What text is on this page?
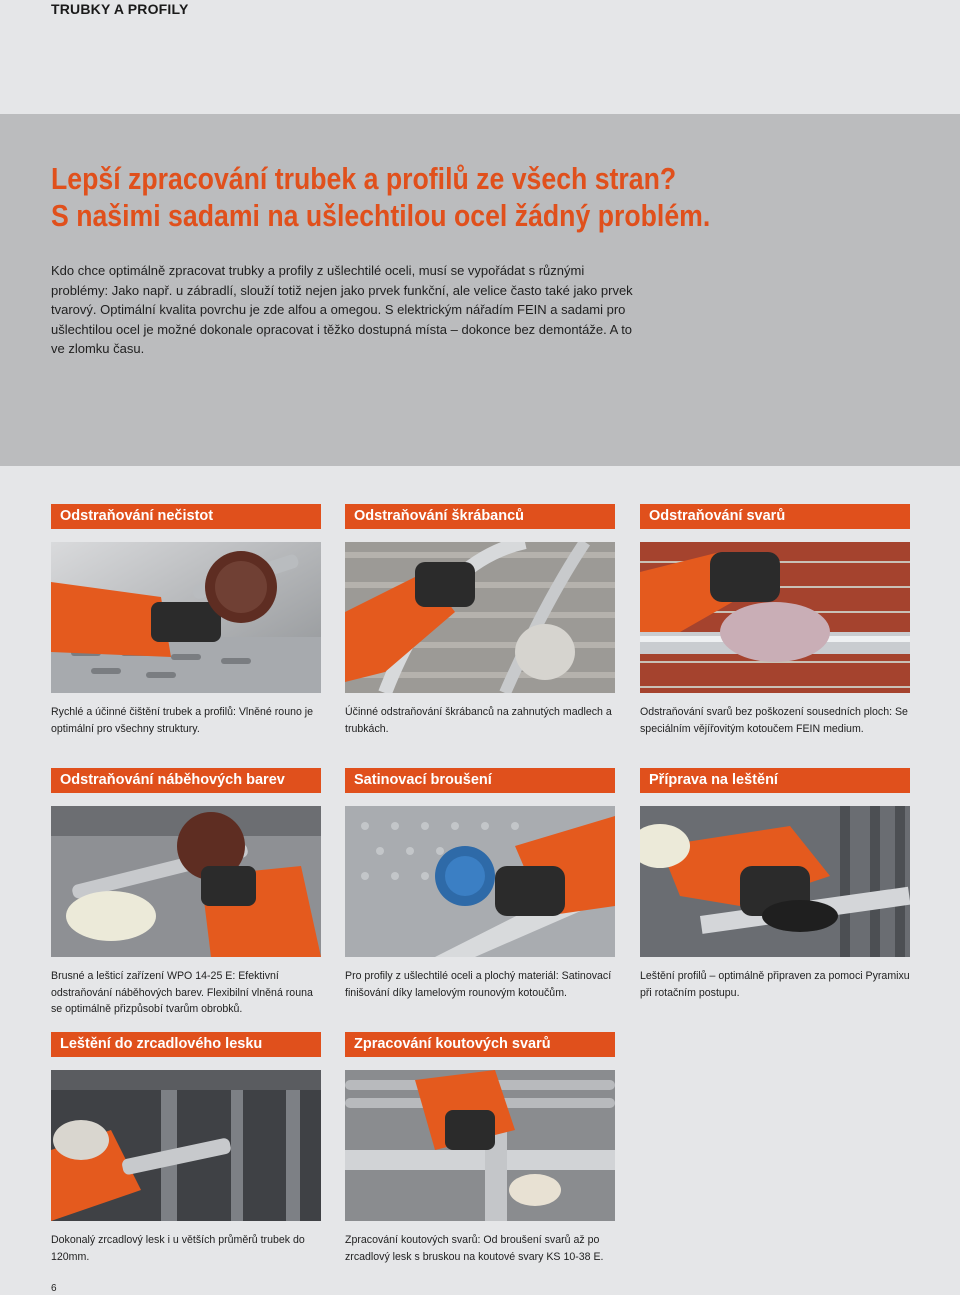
TRUBKY A PROFILY
Lepší zpracování trubek a profilů ze všech stran?
S našimi sadami na ušlechtilou ocel žádný problém.

Kdo chce optimálně zpracovat trubky a profily z ušlechtilé oceli, musí se vypořádat s různými problémy: Jako např. u zábradlí, slouží totiž nejen jako prvek funkční, ale velice často také jako prvek tvarový. Optimální kvalita povrchu je zde alfou a omegou. S elektrickým nářadím FEIN a sadami pro ušlechtilou ocel je možné dokonale opracovat i těžko dostupná místa – dokonce bez demontáže. A to ve zlomku času.

Odstraňování nečistot
Rychlé a účinné čištění trubek a profilů: Vlněné rouno je optimální pro všechny struktury.
Odstraňování škrábanců
Účinné odstraňování škrábanců na zahnutých madlech a trubkách.
Odstraňování svarů
Odstraňování svarů bez poškození sousedních ploch: Se speciálním vějířovitým kotoučem FEIN medium.
Odstraňování náběhových barev
Brusné a lešticí zařízení WPO 14-25 E: Efektivní odstraňování náběhových barev. Flexibilní vlněná rouna se optimálně přizpůsobí tvarům obrobků.
Satinovací broušení
Pro profily z ušlechtilé oceli a plochý materiál: Satinovací finišování díky lamelovým rounovým kotoučům.
Příprava na leštění
Leštění profilů – optimálně připraven za pomoci Pyramixu při rotačním postupu.
Leštění do zrcadlového lesku
Dokonalý zrcadlový lesk i u větších průměrů trubek do 120mm.
Zpracování koutových svarů
Zpracování koutových svarů: Od broušení svarů až po zrcadlový lesk s bruskou na koutové svary KS 10-38 E.
6
